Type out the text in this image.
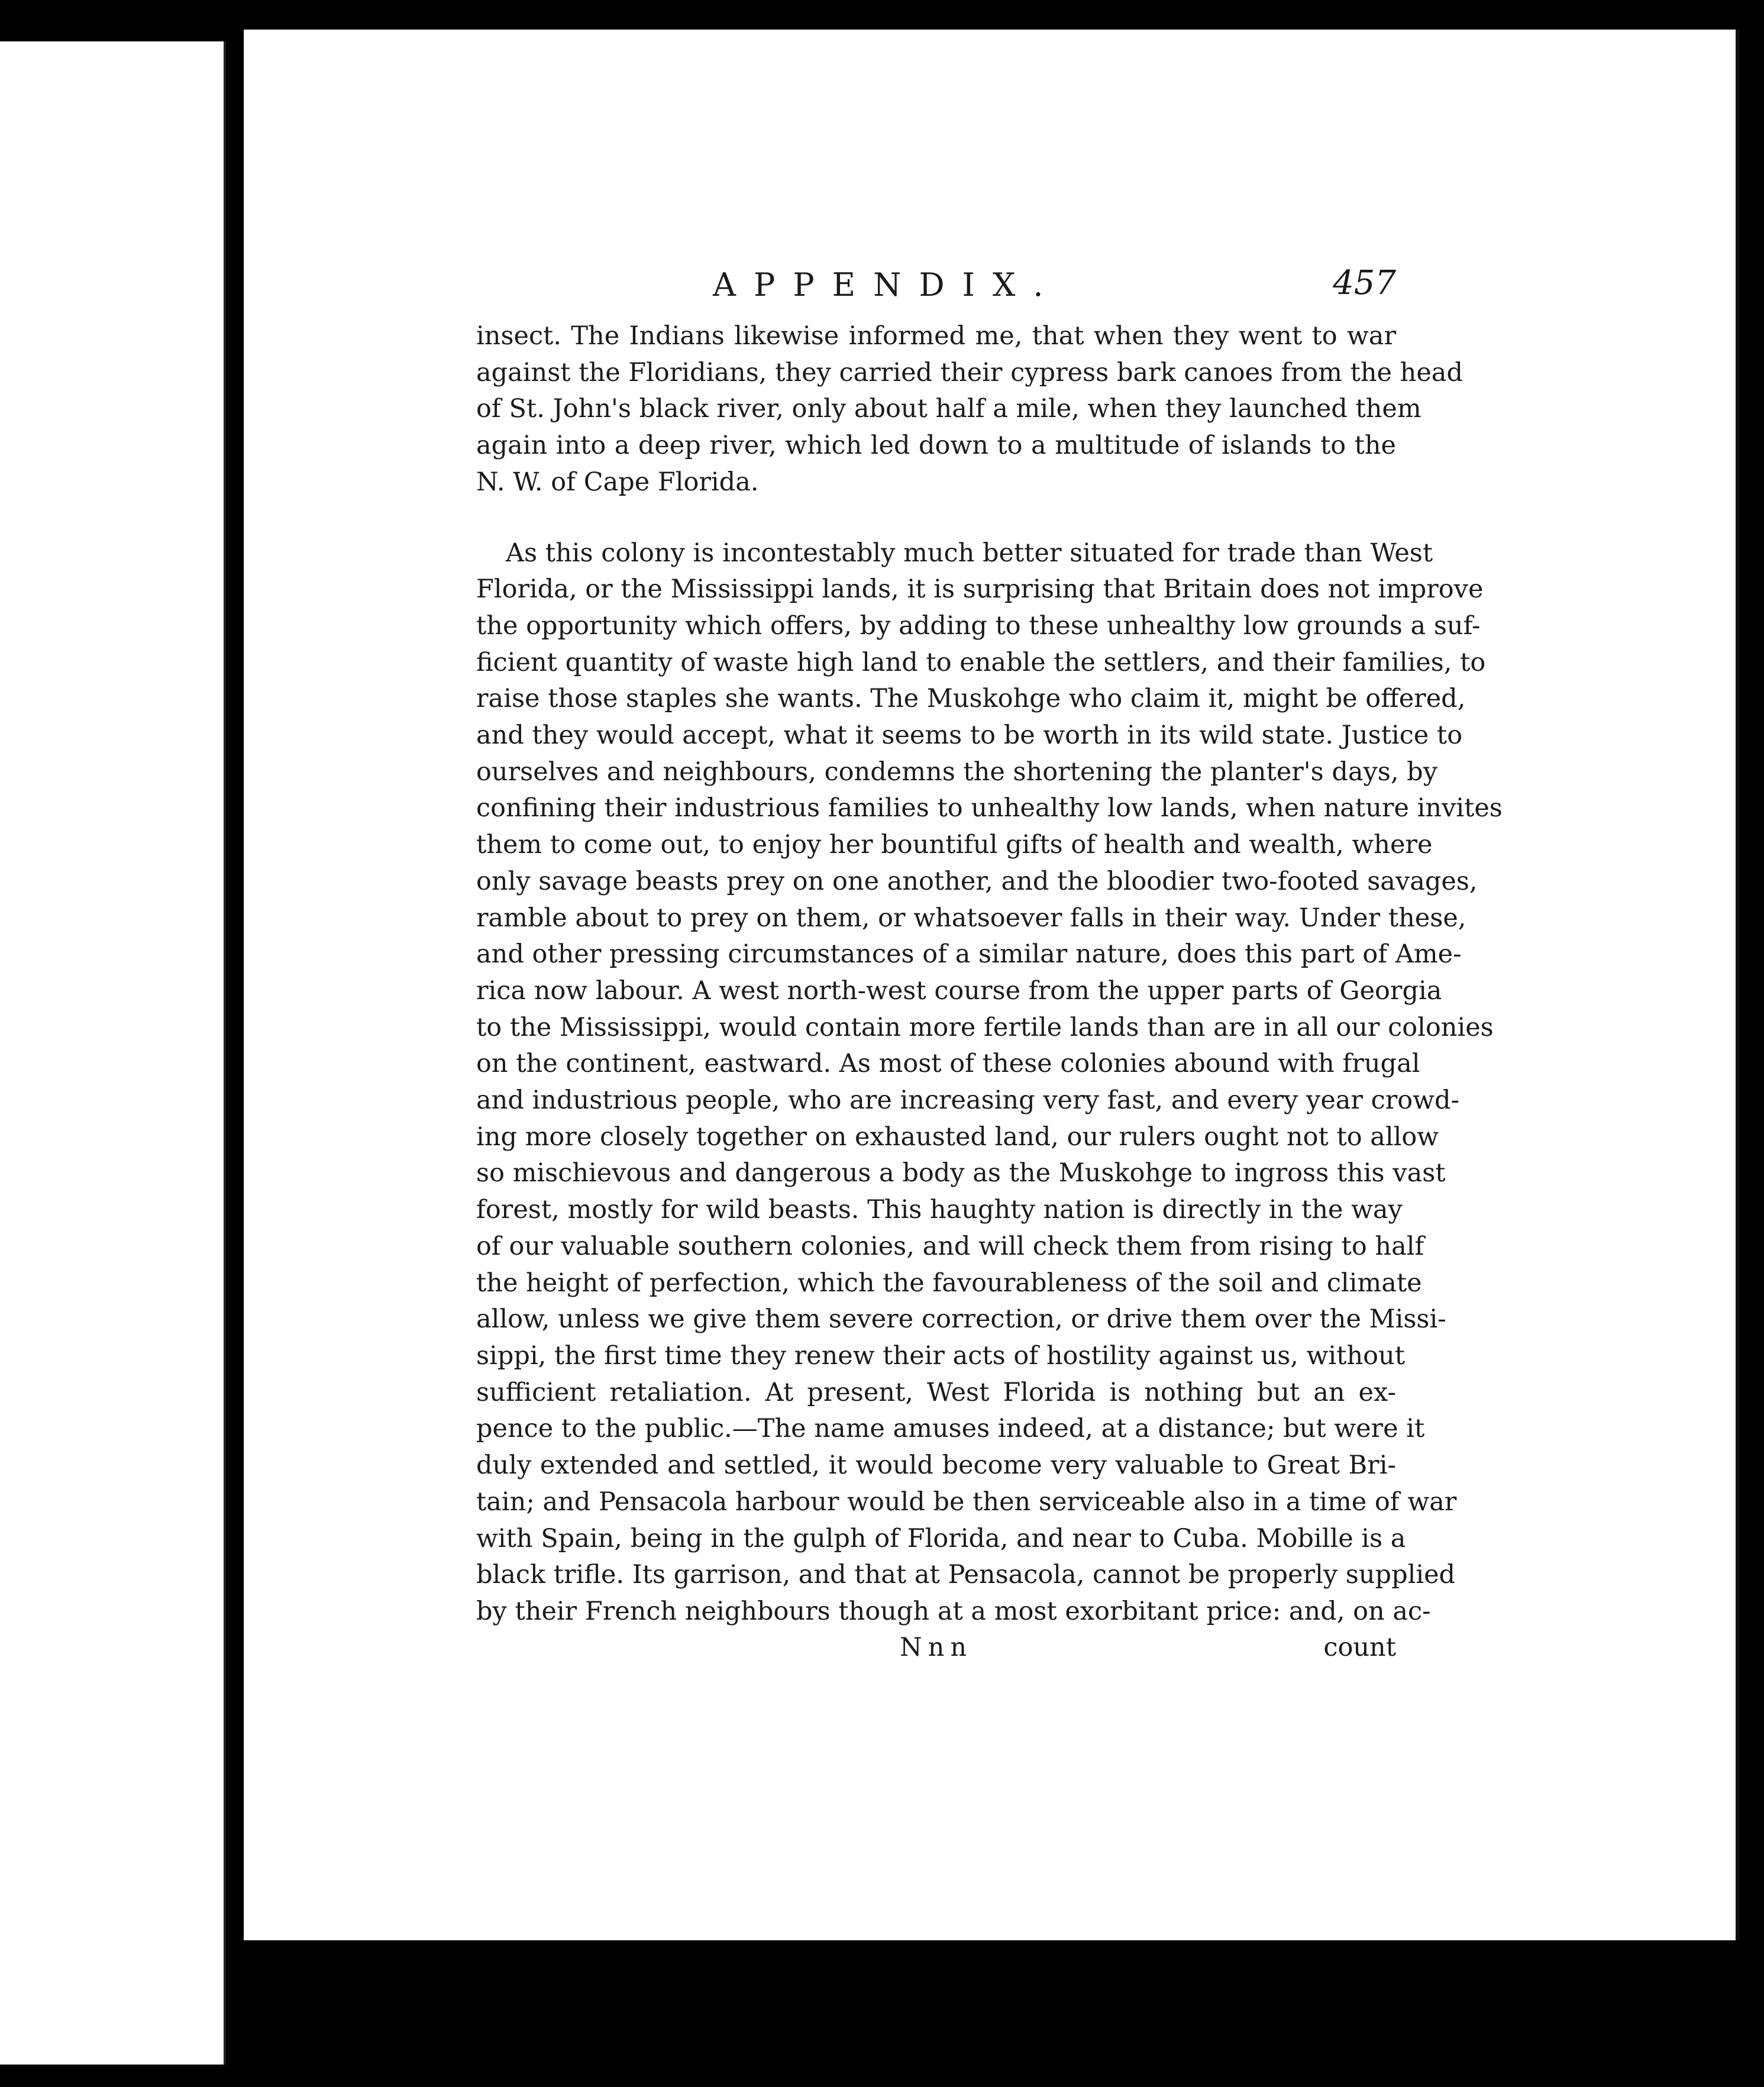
APPENDIX.	457

insect. The Indians likewise informed me, that when they went to war
against the Floridians, they carried their cypress bark canoes from the head
of St. John's black river, only about half a mile, when they launched them
again into a deep river, which led down to a multitude of islands to the
N. W. of Cape Florida.

As this colony is incontestably much better situated for trade than West
Florida, or the Mississippi lands, it is surprising that Britain does not improve
the opportunity which offers, by adding to these unhealthy low grounds a suf-
ficient quantity of waste high land to enable the settlers, and their families, to
raise those staples she wants. The Muskohge who claim it, might be offered,
and they would accept, what it seems to be worth in its wild state. Justice to
ourselves and neighbours, condemns the shortening the planter's days, by
confining their industrious families to unhealthy low lands, when nature invites
them to come out, to enjoy her bountiful gifts of health and wealth, where
only savage beasts prey on one another, and the bloodier two-footed savages,
ramble about to prey on them, or whatsoever falls in their way. Under these,
and other pressing circumstances of a similar nature, does this part of Ame-
rica now labour. A west north-west course from the upper parts of Georgia
to the Mississippi, would contain more fertile lands than are in all our colonies
on the continent, eastward. As most of these colonies abound with frugal
and industrious people, who are increasing very fast, and every year crowd-
ing more closely together on exhausted land, our rulers ought not to allow
so mischievous and dangerous a body as the Muskohge to ingross this vast
forest, mostly for wild beasts. This haughty nation is directly in the way
of our valuable southern colonies, and will check them from rising to half
the height of perfection, which the favourableness of the soil and climate
allow, unless we give them severe correction, or drive them over the Missi-
sippi, the first time they renew their acts of hostility against us, without
sufficient retaliation. At present, West Florida is nothing but an ex-
pence to the public.—The name amuses indeed, at a distance; but were it
duly extended and settled, it would become very valuable to Great Bri-
tain; and Pensacola harbour would be then serviceable also in a time of war
with Spain, being in the gulph of Florida, and near to Cuba. Mobille is a
black trifle. Its garrison, and that at Pensacola, cannot be properly supplied
by their French neighbours though at a most exorbitant price: and, on ac-

Nnn	count
